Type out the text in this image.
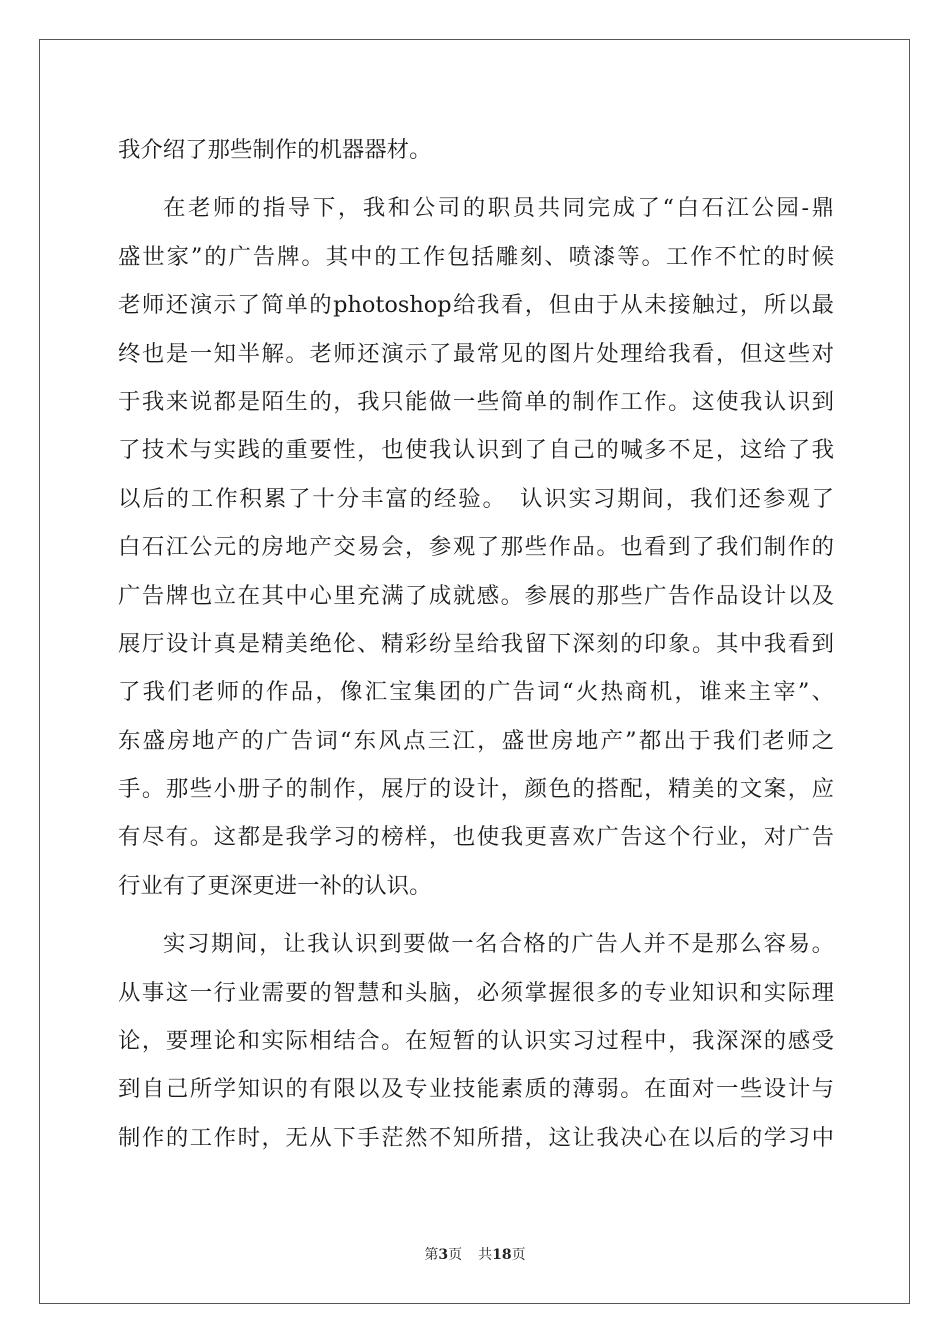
我介绍了那些制作的机器器材。
在老师的指导下，我和公司的职员共同完成了“白石江公园-鼎
盛世家”的广告牌。其中的工作包括雕刻、喷漆等。工作不忙的时候
老师还演示了简单的photoshop给我看，但由于从未接触过，所以最
终也是一知半解。老师还演示了最常见的图片处理给我看，但这些对
于我来说都是陌生的，我只能做一些简单的制作工作。这使我认识到
了技术与实践的重要性，也使我认识到了自己的喊多不足，这给了我
以后的工作积累了十分丰富的经验。　认识实习期间，我们还参观了
白石江公元的房地产交易会，参观了那些作品。也看到了我们制作的
广告牌也立在其中心里充满了成就感。参展的那些广告作品设计以及
展厅设计真是精美绝伦、精彩纷呈给我留下深刻的印象。其中我看到
了我们老师的作品，像汇宝集团的广告词“火热商机，谁来主宰”、
东盛房地产的广告词“东风点三江，盛世房地产”都出于我们老师之
手。那些小册子的制作，展厅的设计，颜色的搭配，精美的文案，应
有尽有。这都是我学习的榜样，也使我更喜欢广告这个行业，对广告
行业有了更深更进一补的认识。
实习期间，让我认识到要做一名合格的广告人并不是那么容易。
从事这一行业需要的智慧和头脑，必须掌握很多的专业知识和实际理
论，要理论和实际相结合。在短暂的认识实习过程中，我深深的感受
到自己所学知识的有限以及专业技能素质的薄弱。在面对一些设计与
制作的工作时，无从下手茫然不知所措，这让我决心在以后的学习中
第3页 共18页
